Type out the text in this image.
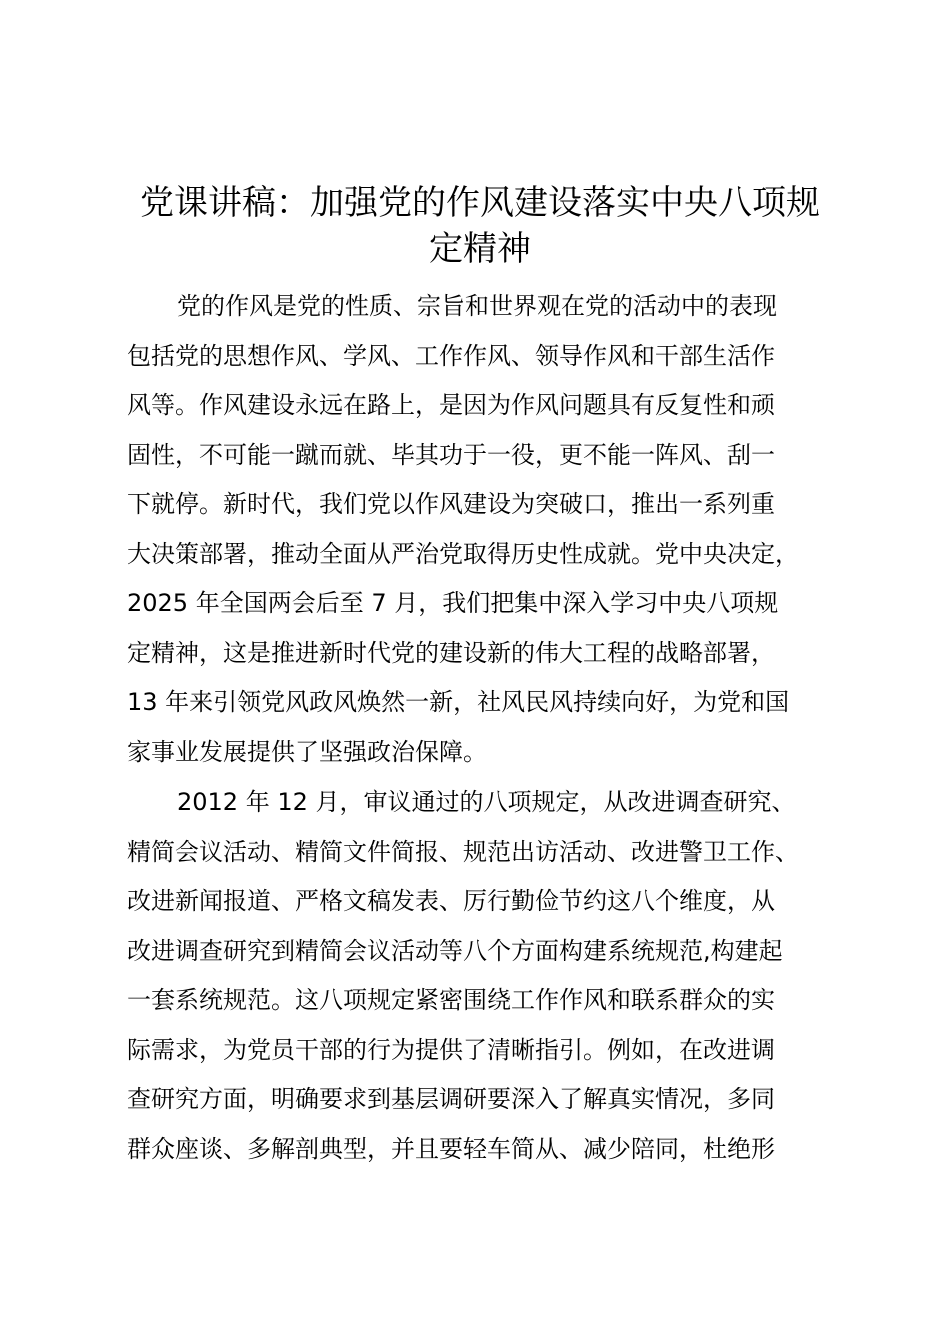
党课讲稿：加强党的作风建设落实中央八项规
定精神
党的作风是党的性质、宗旨和世界观在党的活动中的表现
包括党的思想作风、学风、工作作风、领导作风和干部生活作
风等。作风建设永远在路上，是因为作风问题具有反复性和顽
固性，不可能一蹴而就、毕其功于一役，更不能一阵风、刮一
下就停。新时代，我们党以作风建设为突破口，推出一系列重
大决策部署，推动全面从严治党取得历史性成就。党中央决定，
2025 年全国两会后至 7 月，我们把集中深入学习中央八项规
定精神，这是推进新时代党的建设新的伟大工程的战略部署，
13 年来引领党风政风焕然一新，社风民风持续向好，为党和国
家事业发展提供了坚强政治保障。
2012 年 12 月，审议通过的八项规定，从改进调查研究、
精简会议活动、精简文件简报、规范出访活动、改进警卫工作、
改进新闻报道、严格文稿发表、厉行勤俭节约这八个维度，从
改进调查研究到精简会议活动等八个方面构建系统规范,构建起
一套系统规范。这八项规定紧密围绕工作作风和联系群众的实
际需求，为党员干部的行为提供了清晰指引。例如，在改进调
查研究方面，明确要求到基层调研要深入了解真实情况，多同
群众座谈、多解剖典型，并且要轻车简从、减少陪同，杜绝形
